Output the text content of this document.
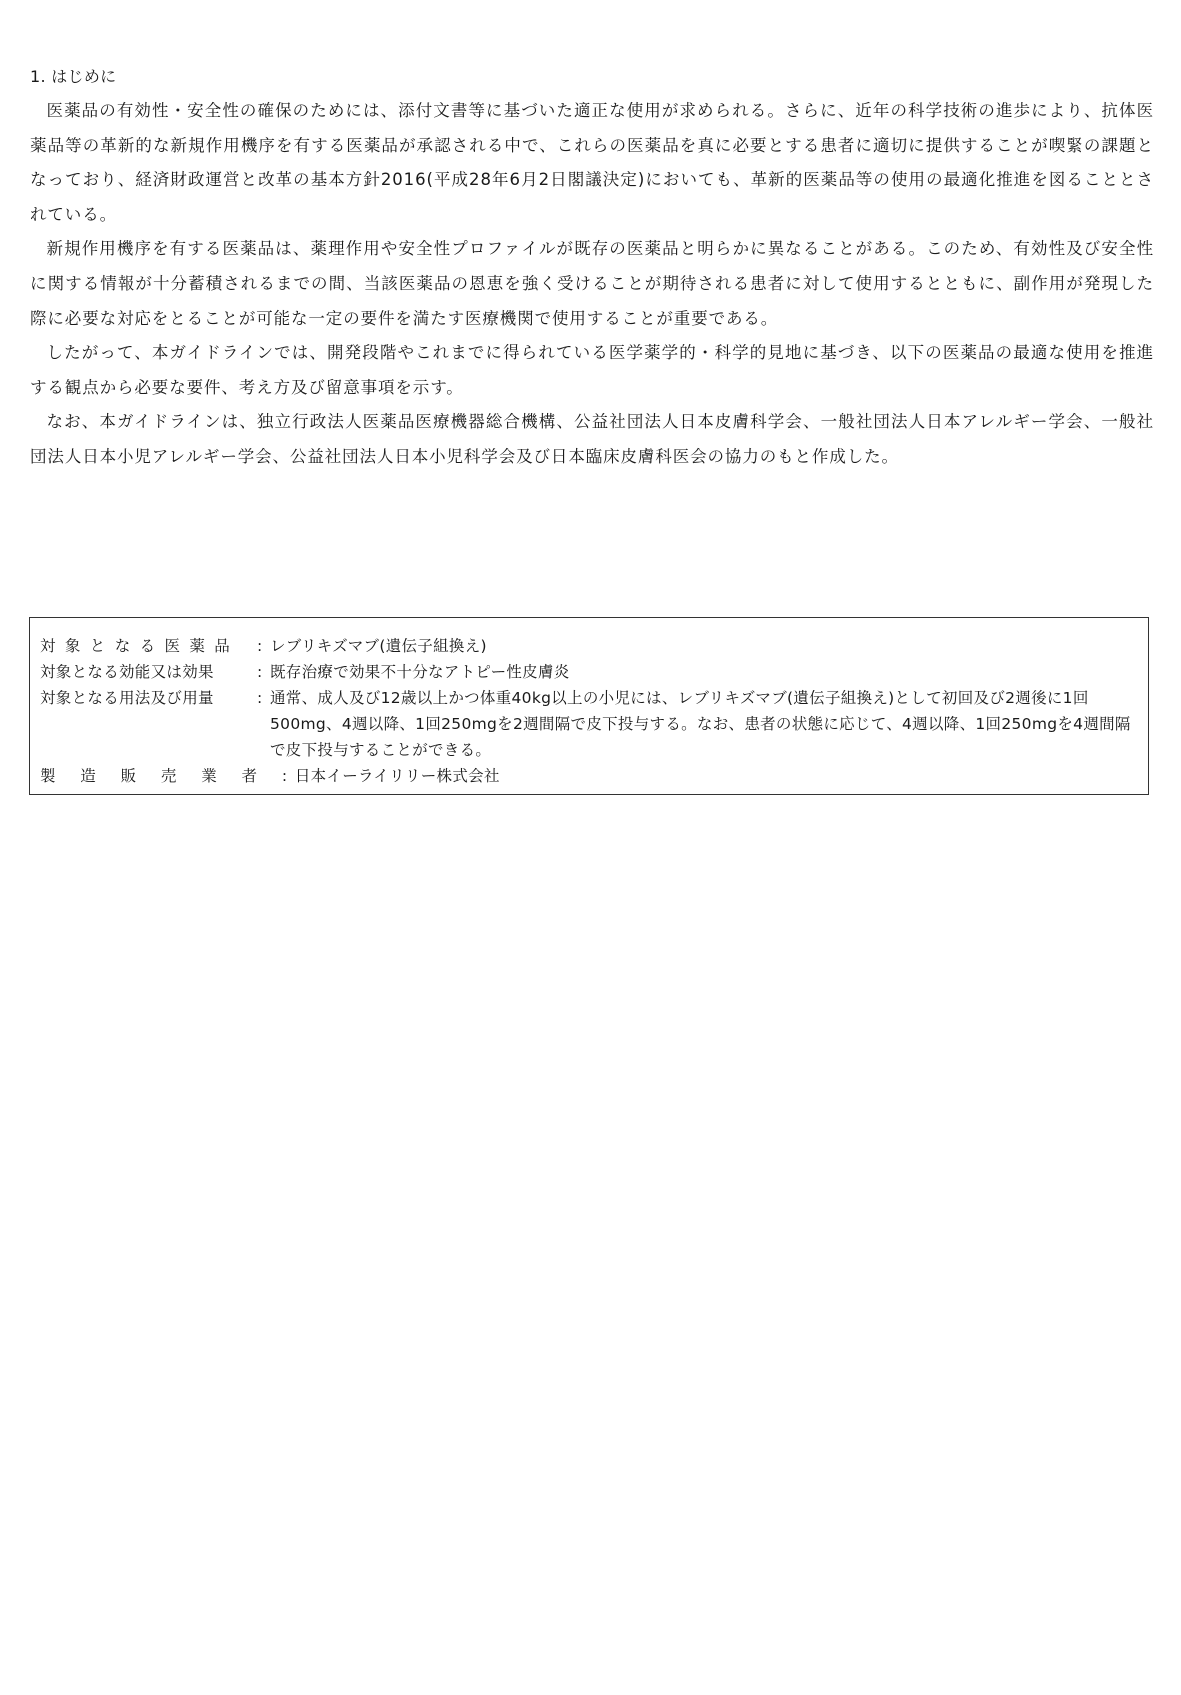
1. はじめに

医薬品の有効性・安全性の確保のためには、添付文書等に基づいた適正な使用が求められる。さらに、近年の科学技術の進歩により、抗体医薬品等の革新的な新規作用機序を有する医薬品が承認される中で、これらの医薬品を真に必要とする患者に適切に提供することが喫緊の課題となっており、経済財政運営と改革の基本方針2016(平成28年6月2日閣議決定)においても、革新的医薬品等の使用の最適化推進を図ることとされている。

新規作用機序を有する医薬品は、薬理作用や安全性プロファイルが既存の医薬品と明らかに異なることがある。このため、有効性及び安全性に関する情報が十分蓄積されるまでの間、当該医薬品の恩恵を強く受けることが期待される患者に対して使用するとともに、副作用が発現した際に必要な対応をとることが可能な一定の要件を満たす医療機関で使用することが重要である。

したがって、本ガイドラインでは、開発段階やこれまでに得られている医学薬学的・科学的見地に基づき、以下の医薬品の最適な使用を推進する観点から必要な要件、考え方及び留意事項を示す。

なお、本ガイドラインは、独立行政法人医薬品医療機器総合機構、公益社団法人日本皮膚科学会、一般社団法人日本アレルギー学会、一般社団法人日本小児アレルギー学会、公益社団法人日本小児科学会及び日本臨床皮膚科医会の協力のもと作成した。

対象となる医薬品	: レブリキズマブ(遺伝子組換え)
対象となる効能又は効果	: 既存治療で効果不十分なアトピー性皮膚炎
対象となる用法及び用量	: 通常、成人及び12歳以上かつ体重40kg以上の小児には、レブリキズマブ(遺伝子組換え)として初回及び2週後に1回500mg、4週以降、1回250mgを2週間隔で皮下投与する。なお、患者の状態に応じて、4週以降、1回250mgを4週間隔で皮下投与することができる。
製造販売業者 : 日本イーライリリー株式会社
